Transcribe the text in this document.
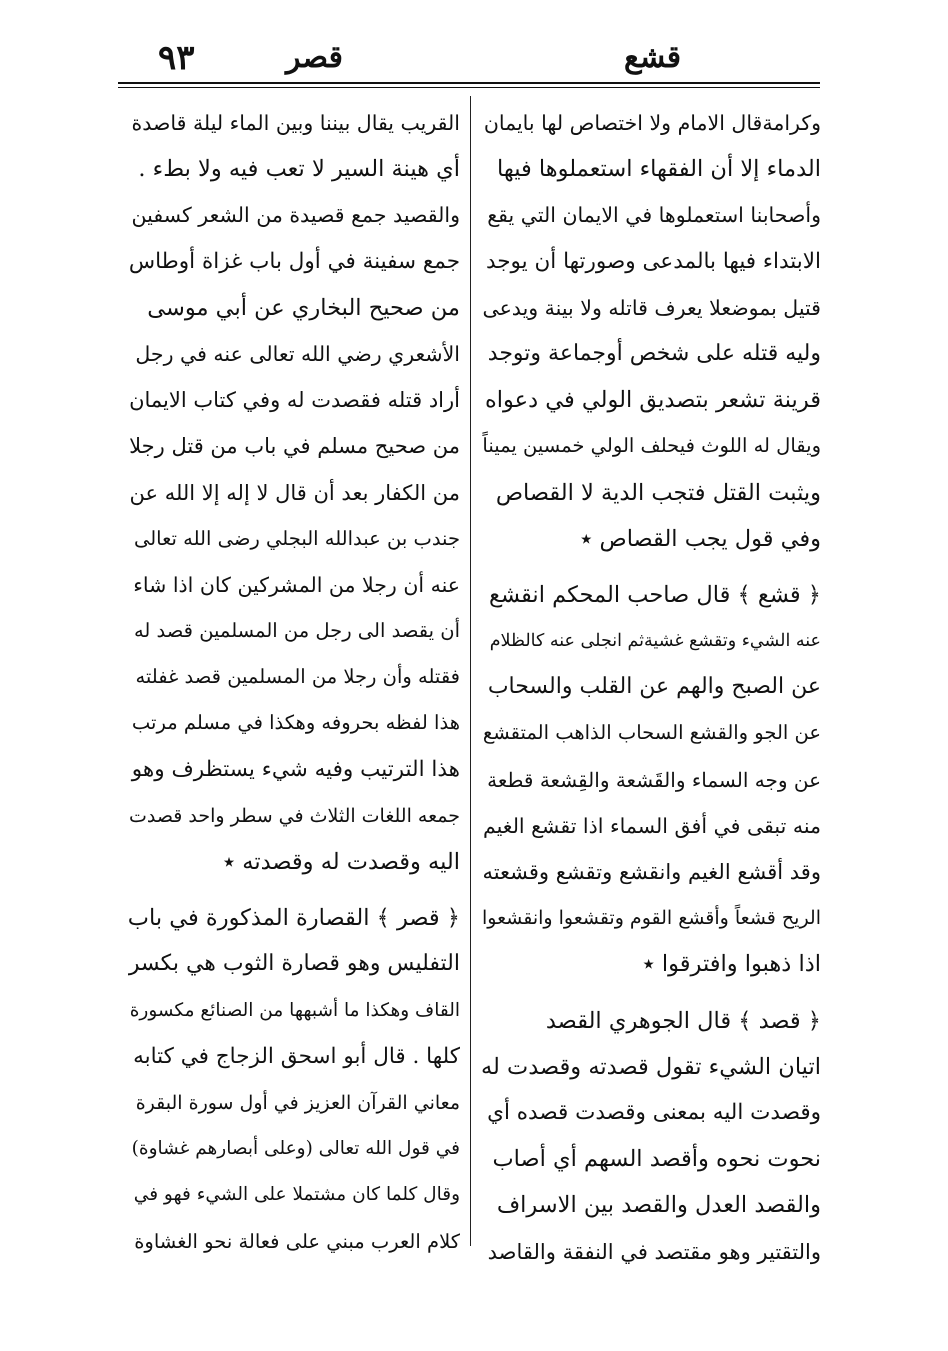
٩٣	قصر	قشع
وكرامةقال الامام ولا اختصاص لها بايمان
الدماء إلا أن الفقهاء استعملوها فيها
وأصحابنا استعملوها في الايمان التي يقع
الابتداء فيها بالمدعى وصورتها أن يوجد
قتيل بموضعلا يعرف قاتله ولا بينة ويدعى
وليه قتله على شخص أوجماعة وتوجد
قرينة تشعر بتصديق الولي في دعواه
ويقال له اللوث فيحلف الولي خمسين يميناً
ويثبت القتل فتجب الدية لا القصاص
وفي قول يجب القصاص ٭
﴿ قشع ﴾ قال صاحب المحكم انقشع
عنه الشيء وتقشع غشيةثم انجلى عنه كالظلام
عن الصبح والهم عن القلب والسحاب
عن الجو والقشع السحاب الذاهب المتقشع
عن وجه السماء والقَشعة والقِشعة قطعة
منه تبقى في أفق السماء اذا تقشع الغيم
وقد أقشع الغيم وانقشع وتقشع وقشعته
الريح قشعاً وأقشع القوم وتقشعوا وانقشعوا
اذا ذهبوا وافترقوا ٭
﴿ قصد ﴾ قال الجوهري القصد
اتيان الشيء تقول قصدته وقصدت له
وقصدت اليه بمعنى وقصدت قصده أي
نحوت نحوه وأقصد السهم أي أصاب
والقصد العدل والقصد بين الاسراف
والتقتير وهو مقتصد في النفقة والقاصد
القريب يقال بيننا وبين الماء ليلة قاصدة
أي هينة السير لا تعب فيه ولا بطء .
والقصيد جمع قصيدة من الشعر كسفين
جمع سفينة في أول باب غزاة أوطاس
من صحيح البخاري عن أبي موسى
الأشعري رضي الله تعالى عنه في رجل
أراد قتله فقصدت له وفي كتاب الايمان
من صحيح مسلم في باب من قتل رجلا
من الكفار بعد أن قال لا إله إلا الله عن
جندب بن عبدالله البجلي رضى الله تعالى
عنه أن رجلا من المشركين كان اذا شاء
أن يقصد الى رجل من المسلمين قصد له
فقتله وأن رجلا من المسلمين قصد غفلته
هذا لفظه بحروفه وهكذا في مسلم مرتب
هذا الترتيب وفيه شيء يستظرف وهو
جمعه اللغات الثلاث في سطر واحد قصدت
اليه وقصدت له وقصدته ٭
﴿ قصر ﴾ القصارة المذكورة في باب
التفليس وهو قصارة الثوب هي بكسر
القاف وهكذا ما أشبهها من الصنائع مكسورة
كلها . قال أبو اسحق الزجاج في كتابه
معاني القرآن العزيز في أول سورة البقرة
في قول الله تعالى (وعلى أبصارهم غشاوة)
وقال كلما كان مشتملا على الشيء فهو في
كلام العرب مبني على فعالة نحو الغشاوة
